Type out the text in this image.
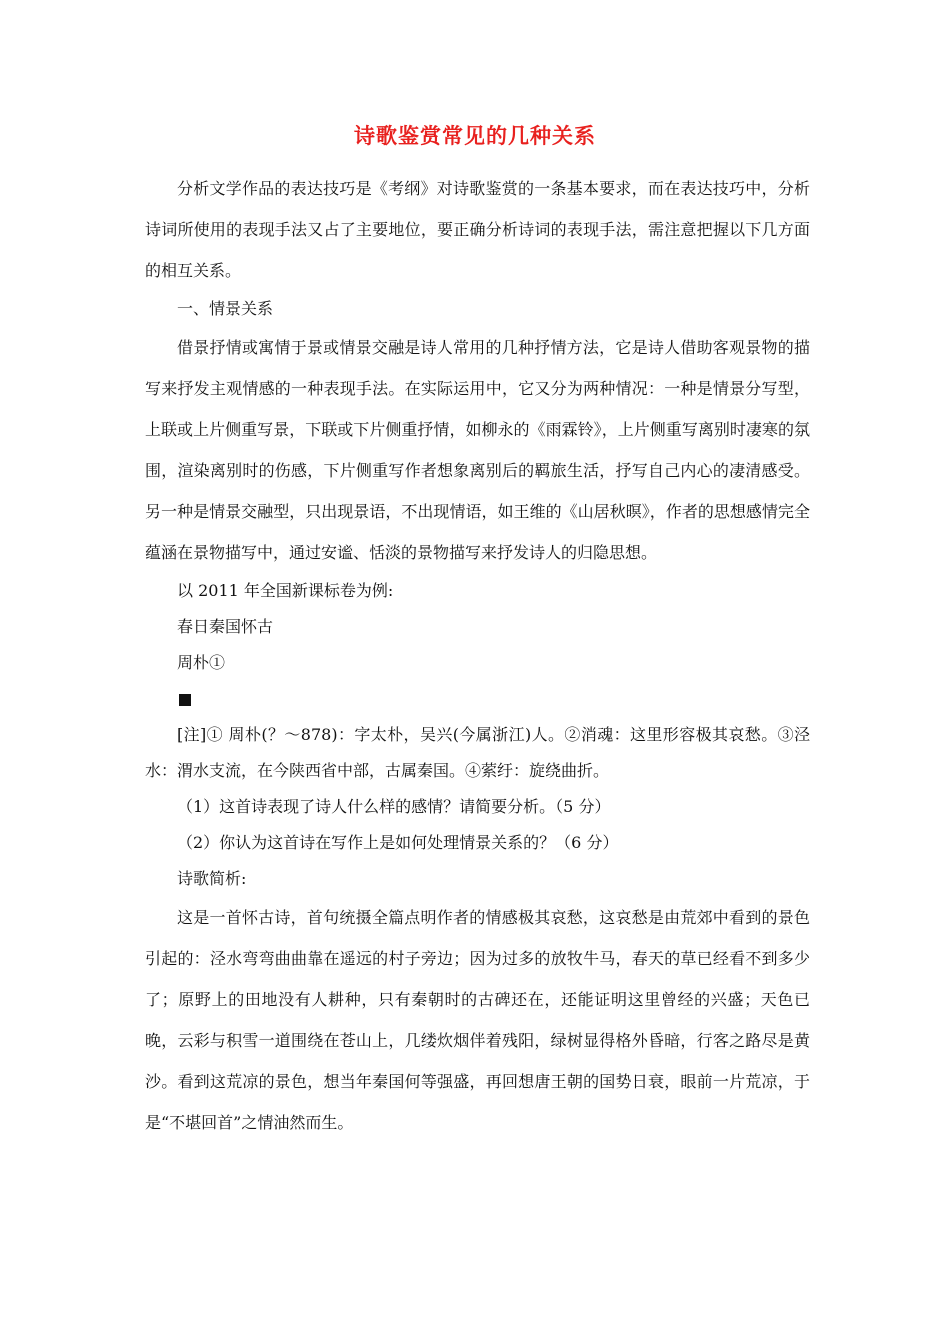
诗歌鉴赏常见的几种关系

分析文学作品的表达技巧是《考纲》对诗歌鉴赏的一条基本要求，而在表达技巧中，分析诗词所使用的表现手法又占了主要地位，要正确分析诗词的表现手法，需注意把握以下几方面的相互关系。

一、情景关系

借景抒情或寓情于景或情景交融是诗人常用的几种抒情方法，它是诗人借助客观景物的描写来抒发主观情感的一种表现手法。在实际运用中，它又分为两种情况：一种是情景分写型，上联或上片侧重写景，下联或下片侧重抒情，如柳永的《雨霖铃》，上片侧重写离别时凄寒的氛围，渲染离别时的伤感，下片侧重写作者想象离别后的羁旅生活，抒写自己内心的凄清感受。另一种是情景交融型，只出现景语，不出现情语，如王维的《山居秋暝》，作者的思想感情完全蕴涵在景物描写中，通过安谧、恬淡的景物描写来抒发诗人的归隐思想。

以 2011 年全国新课标卷为例:

春日秦国怀古

周朴①

[注]① 周朴(？～878)：字太朴，吴兴(今属浙江)人。②消魂：这里形容极其哀愁。③泾水：渭水支流，在今陕西省中部，古属秦国。④萦纡：旋绕曲折。

（1）这首诗表现了诗人什么样的感情？请简要分析。（5 分）

（2）你认为这首诗在写作上是如何处理情景关系的？（6 分）

诗歌简析:

这是一首怀古诗，首句统摄全篇点明作者的情感极其哀愁，这哀愁是由荒郊中看到的景色引起的：泾水弯弯曲曲靠在遥远的村子旁边；因为过多的放牧牛马，春天的草已经看不到多少了；原野上的田地没有人耕种，只有秦朝时的古碑还在，还能证明这里曾经的兴盛；天色已晚，云彩与积雪一道围绕在苍山上，几缕炊烟伴着残阳，绿树显得格外昏暗，行客之路尽是黄沙。看到这荒凉的景色，想当年秦国何等强盛，再回想唐王朝的国势日衰，眼前一片荒凉，于是“不堪回首”之情油然而生。
